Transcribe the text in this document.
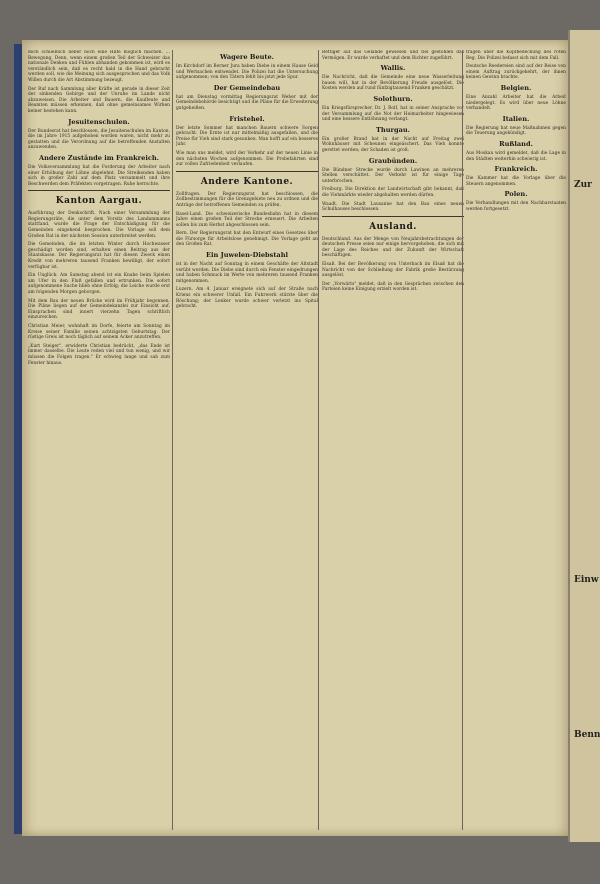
doch schließlich lieber noch eine Hilfe möglich machen. ... Bewegung. Denn, wenn einem großen Teil der Schweizer das nationale Denken und Fühlen abhanden gekommen ist, wird es verständlich sein, daß es recht bald in die Hand gebracht werden soll, wie die Meinung sich ausgesprochen und das Volk Willen durch die Art Abstimmung bezeugt.

Der Ruf nach Sammlung aller Kräfte ist gerade in dieser Zeit der sinkenden Gebirge und der Unruhe im Lande nicht abzuweisen. Die Arbeiter und Bauern, die Kaufleute und Beamten müssen erkennen, daß ohne gemeinsames Wirken keiner bestehen kann.

Jesuitenschulen.

Der Bundesrat hat beschlossen, die Jesuitenschulen im Kanton, die im Jahre 1915 aufgehoben worden waren, nicht mehr zu gestatten und die Verordnung auf die betreffenden Anstalten anzuwenden.

Andere Zustände im Frankreich.

Die Volksversammlung hat die Forderung der Arbeiter nach einer Erhöhung der Löhne abgelehnt. Die Streikenden haben sich in großer Zahl auf dem Platz versammelt und ihre Beschwerden dem Präfekten vorgetragen. Ruhe herrschte.

Kanton Aargau.

Ausführung der Denkschrift. Nach einer Versammlung der Regierungsräte, die unter dem Vorsitz des Landammanns stattfand, wurde die Frage der Entschädigung für die Gemeinden eingehend besprochen. Die Vorlage soll dem Großen Rat in der nächsten Session unterbreitet werden.

Die Gemeinden, die im letzten Winter durch Hochwasser geschädigt worden sind, erhalten einen Beitrag aus der Staatskasse. Der Regierungsrat hat für diesen Zweck einen Kredit von mehreren tausend Franken bewilligt, der sofort verfügbar ist.

Ein Unglück. Am Samstag abend ist ein Knabe beim Spielen am Ufer in den Fluß gefallen und ertrunken. Die sofort aufgenommene Suche blieb ohne Erfolg; die Leiche wurde erst am folgenden Morgen geborgen.

Mit dem Bau der neuen Brücke wird im Frühjahr begonnen. Die Pläne liegen auf der Gemeindekanzlei zur Einsicht auf. Einsprachen sind innert vierzehn Tagen schriftlich einzureichen.

Christian Meier, wohnhaft im Dorfe, feierte am Sonntag im Kreise seiner Familie seinen achtzigsten Geburtstag. Der rüstige Greis ist noch täglich auf seinem Acker anzutreffen.

„Kurt Steiger", erwiderte Christian bedrückt, „das Ende ist immer dasselbe. Die Leute reden viel und tun wenig, und wir müssen die Folgen tragen." Er schwieg lange und sah zum Fenster hinaus.

Wagere Beute.

Im Kirchdorf im Berner Jura haben Diebe in einem Hause Geld und Wertsachen entwendet. Die Polizei hat die Untersuchung aufgenommen; von den Tätern fehlt bis jetzt jede Spur.

Der Gemeindebau

hat am Dienstag vormittag Regierungsrat Weber mit der Gemeindebehörde besichtigt und die Pläne für die Erweiterung gutgeheißen.

Fristehel.

Der letzte Sommer hat manchen Bauern schwere Sorgen gebracht. Die Ernte ist nur mittelmäßig ausgefallen, und die Preise für Vieh sind stark gesunken. Man hofft auf ein besseres Jahr.

Wie man uns meldet, wird der Verkehr auf der neuen Linie in den nächsten Wochen aufgenommen. Die Probefahrten sind zur vollen Zufriedenheit verlaufen.

Andere Kantone.

Zollfragen. Der Regierungsrat hat beschlossen, die Zollbestimmungen für die Grenzgebiete neu zu ordnen und die Anträge der betroffenen Gemeinden zu prüfen.

Basel-Land. Die schweizerische Bundesbahn hat in diesem Jahre einen großen Teil der Strecke erneuert. Die Arbeiten sollen bis zum Herbst abgeschlossen sein.

Bern. Der Regierungsrat hat den Entwurf eines Gesetzes über die Fürsorge für Arbeitslose genehmigt. Die Vorlage geht an den Großen Rat.

Ein Juwelen-Diebstahl

ist in der Nacht auf Sonntag in einem Geschäfte der Altstadt verübt worden. Die Diebe sind durch ein Fenster eingedrungen und haben Schmuck im Werte von mehreren tausend Franken mitgenommen.

Luzern. Am 4. Januar ereignete sich auf der Straße nach Kriens ein schwerer Unfall. Ein Fuhrwerk stürzte über die Böschung; der Lenker wurde schwer verletzt ins Spital gebracht.

Bettiger auf das Gelände gewiesen und fiel gestohlen das Vermögen. Er wurde verhaftet und dem Richter zugeführt.

Wallis.

Die Nachricht, daß die Gemeinde eine neue Wasserleitung bauen will, hat in der Bevölkerung Freude ausgelöst. Die Kosten werden auf rund fünfzigtausend Franken geschätzt.

Solothurn.

Ein Kriegsfürsprecher, Dr. J. Rolf, hat in seiner Ansprache vor der Versammlung auf die Not der Heimarbeiter hingewiesen und eine bessere Entlöhnung verlangt.

Thurgau.

Ein großer Brand hat in der Nacht auf Freitag zwei Wohnhäuser mit Scheunen eingeäschert. Das Vieh konnte gerettet werden; der Schaden ist groß.

Graubünden.

Die Bündner Strecke wurde durch Lawinen an mehreren Stellen verschüttet. Der Verkehr ist für einige Tage unterbrochen.

Freiburg. Die Direktion der Landwirtschaft gibt bekannt, daß die Viehmärkte wieder abgehalten werden dürfen.

Waadt. Die Stadt Lausanne hat den Bau eines neuen Schulhauses beschlossen.

Ausland.

Deutschland. Aus der Menge von Neujahrsbetrachtungen der deutschen Presse seien nur einige hervorgehoben, die sich mit der Lage des Reiches und der Zukunft der Wirtschaft beschäftigen.

Elsaß. Bei der Bevölkerung von Unterbach im Elsaß hat die Nachricht von der Schließung der Fabrik große Bestürzung ausgelöst.

Der „Vorwärts" meldet, daß in den Gesprächen zwischen den Parteien keine Einigung erzielt worden ist.

tragen über die Kopfbedeckung des roten Reg. Die Polizei befasst sich mit dem Fall.

Deutsche Reedereien sind auf der Reise von einem Auftrag zurückgekehrt, der ihnen keinen Gewinn brachte.

Belgien.

Eine Anzahl Arbeiter hat die Arbeit niedergelegt. Es wird über neue Löhne verhandelt.

Italien.

Die Regierung hat neue Maßnahmen gegen die Teuerung angekündigt.

Rußland.

Aus Moskau wird gemeldet, daß die Lage in den Städten weiterhin schwierig ist.

Frankreich.

Die Kammer hat die Vorlage über die Steuern angenommen.

Polen.

Die Verhandlungen mit den Nachbarstaaten werden fortgesetzt.

Zur
Einw
Benn
